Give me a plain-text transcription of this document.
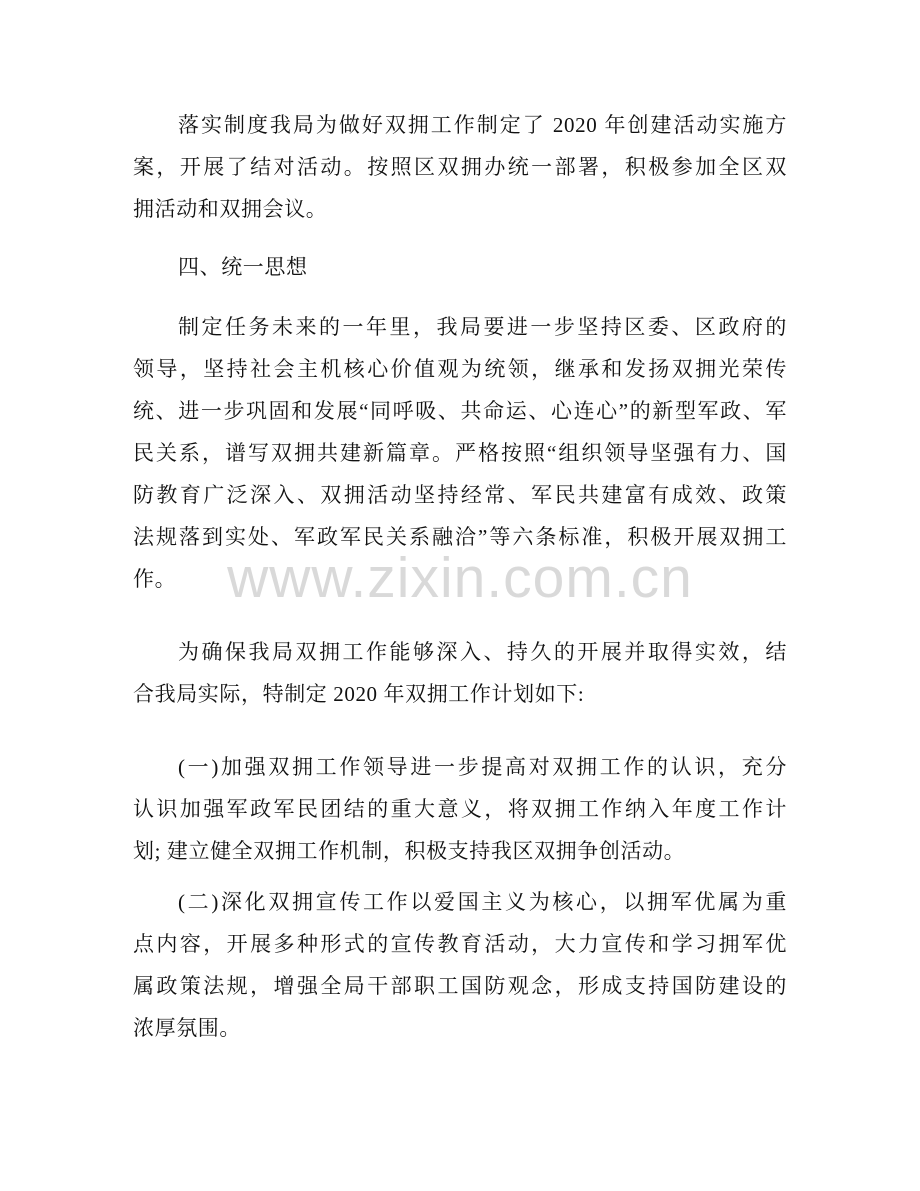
落实制度我局为做好双拥工作制定了 2020 年创建活动实施方
案，开展了结对活动。按照区双拥办统一部署，积极参加全区双
拥活动和双拥会议。
四、统一思想
制定任务未来的一年里，我局要进一步坚持区委、区政府的
领导，坚持社会主机核心价值观为统领，继承和发扬双拥光荣传
统、进一步巩固和发展“同呼吸、共命运、心连心”的新型军政、军
民关系，谱写双拥共建新篇章。严格按照“组织领导坚强有力、国
防教育广泛深入、双拥活动坚持经常、军民共建富有成效、政策
法规落到实处、军政军民关系融洽”等六条标准，积极开展双拥工
作。
为确保我局双拥工作能够深入、持久的开展并取得实效，结
合我局实际，特制定 2020 年双拥工作计划如下:
(一)加强双拥工作领导进一步提高对双拥工作的认识，充分
认识加强军政军民团结的重大意义，将双拥工作纳入年度工作计
划; 建立健全双拥工作机制，积极支持我区双拥争创活动。
(二)深化双拥宣传工作以爱国主义为核心，以拥军优属为重
点内容，开展多种形式的宣传教育活动，大力宣传和学习拥军优
属政策法规，增强全局干部职工国防观念，形成支持国防建设的
浓厚氛围。
www.zixin.com.cn
